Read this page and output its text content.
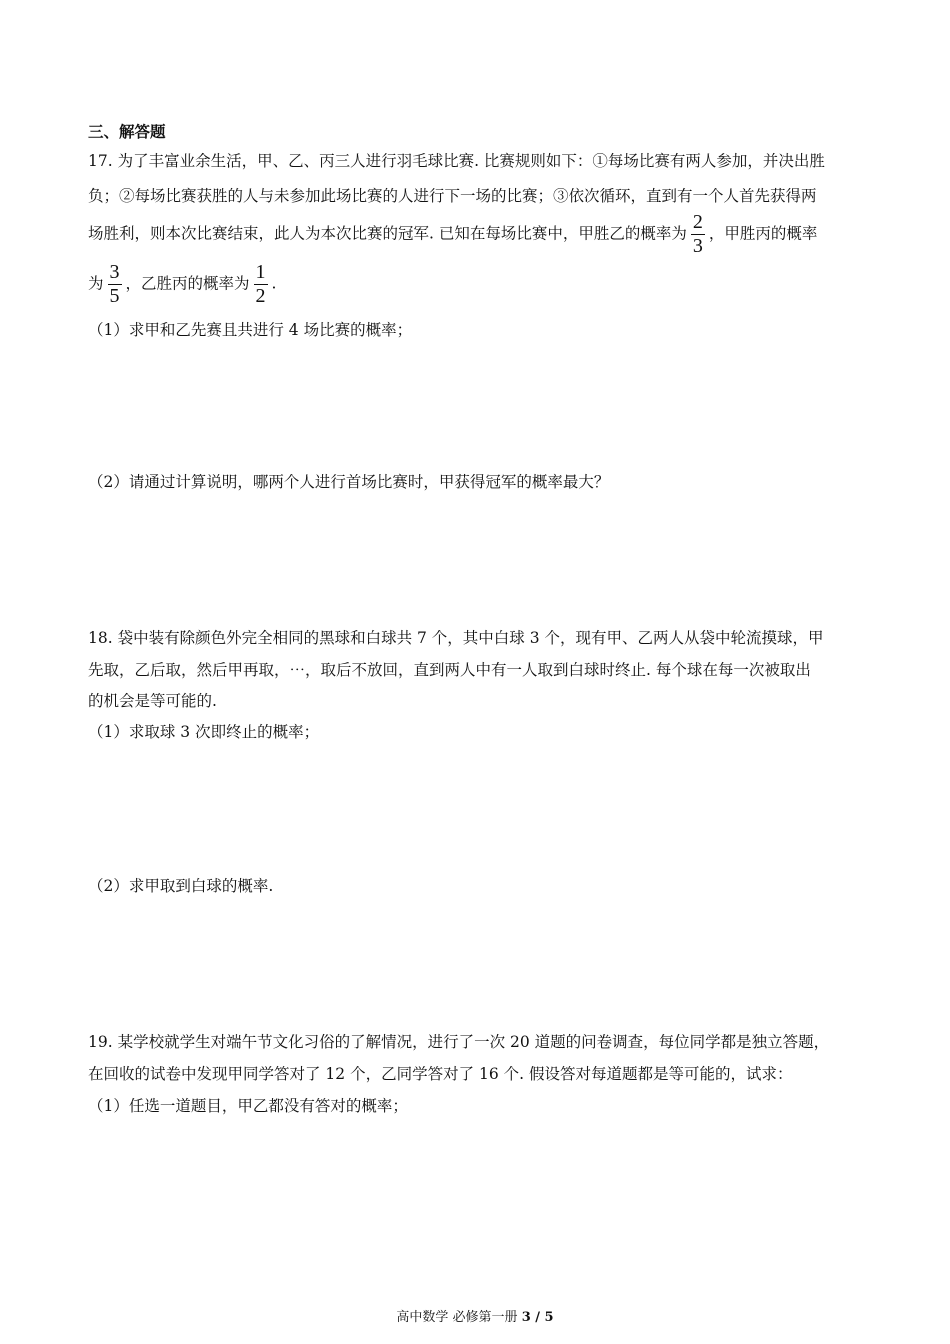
三、解答题
17. 为了丰富业余生活，甲、乙、丙三人进行羽毛球比赛. 比赛规则如下：①每场比赛有两人参加，并决出胜
负；②每场比赛获胜的人与未参加此场比赛的人进行下一场的比赛；③依次循环，直到有一个人首先获得两
场胜利，则本次比赛结束，此人为本次比赛的冠军. 已知在每场比赛中，甲胜乙的概率为 $\frac{2}{3}$ ，甲胜丙的概率
为 $\frac{3}{5}$ ，乙胜丙的概率为 $\frac{1}{2}$ .
（1）求甲和乙先赛且共进行 4 场比赛的概率；
（2）请通过计算说明，哪两个人进行首场比赛时，甲获得冠军的概率最大？
18. 袋中装有除颜色外完全相同的黑球和白球共 7 个，其中白球 3 个，现有甲、乙两人从袋中轮流摸球，甲
先取，乙后取，然后甲再取，⋯，取后不放回，直到两人中有一人取到白球时终止. 每个球在每一次被取出
的机会是等可能的.
（1）求取球 3 次即终止的概率；
（2）求甲取到白球的概率.
19. 某学校就学生对端午节文化习俗的了解情况，进行了一次 20 道题的问卷调查，每位同学都是独立答题，
在回收的试卷中发现甲同学答对了 12 个，乙同学答对了 16 个. 假设答对每道题都是等可能的，试求：
（1）任选一道题目，甲乙都没有答对的概率；
高中数学 必修第一册 3 / 5
